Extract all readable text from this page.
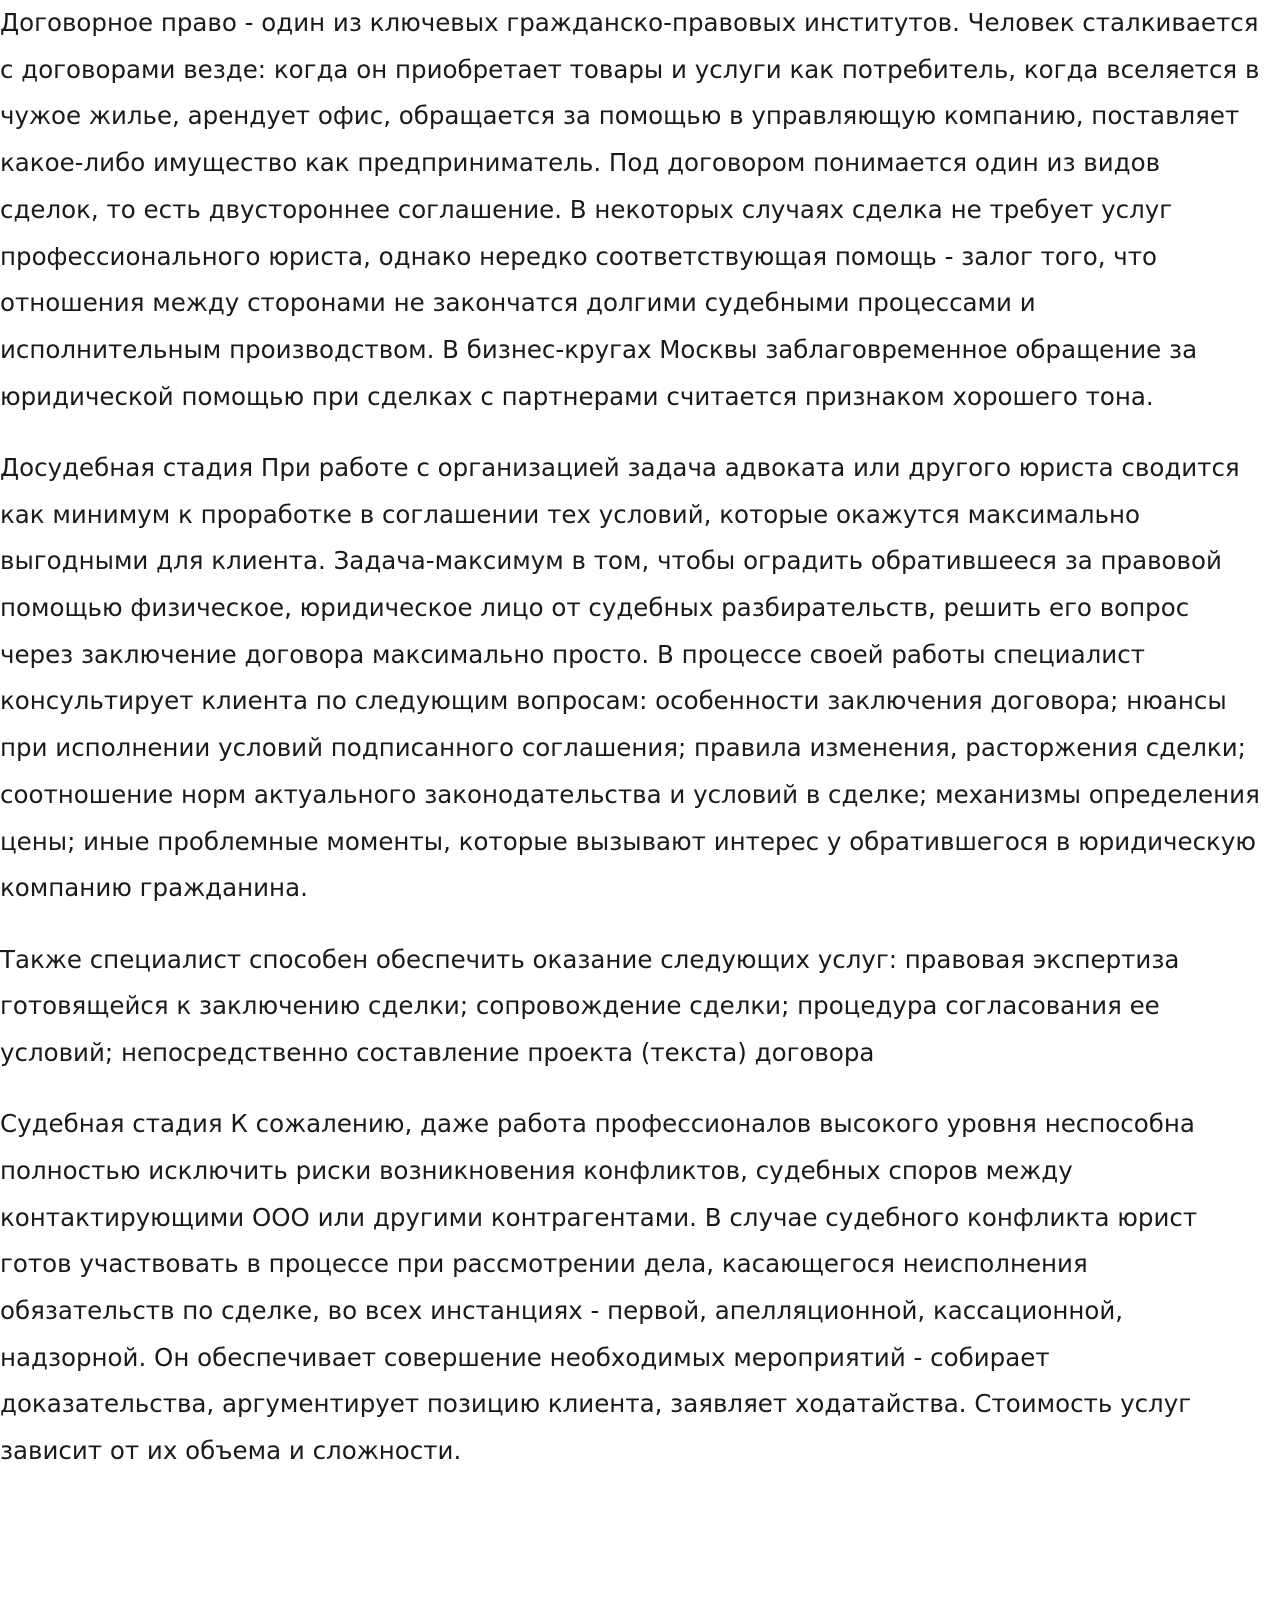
Договорное право - один из ключевых гражданско-правовых институтов. Человек сталкивается с договорами везде: когда он приобретает товары и услуги как потребитель, когда вселяется в чужое жилье, арендует офис, обращается за помощью в управляющую компанию, поставляет какое-либо имущество как предприниматель. Под договором понимается один из видов сделок, то есть двустороннее соглашение. В некоторых случаях сделка не требует услуг профессионального юриста, однако нередко соответствующая помощь - залог того, что отношения между сторонами не закончатся долгими судебными процессами и исполнительным производством. В бизнес-кругах Москвы заблаговременное обращение за юридической помощью при сделках с партнерами считается признаком хорошего тона.

Досудебная стадия При работе с организацией задача адвоката или другого юриста сводится как минимум к проработке в соглашении тех условий, которые окажутся максимально выгодными для клиента. Задача-максимум в том, чтобы оградить обратившееся за правовой помощью физическое, юридическое лицо от судебных разбирательств, решить его вопрос через заключение договора максимально просто. В процессе своей работы специалист консультирует клиента по следующим вопросам: особенности заключения договора; нюансы при исполнении условий подписанного соглашения; правила изменения, расторжения сделки; соотношение норм актуального законодательства и условий в сделке; механизмы определения цены; иные проблемные моменты, которые вызывают интерес у обратившегося в юридическую компанию гражданина.

Также специалист способен обеспечить оказание следующих услуг: правовая экспертиза готовящейся к заключению сделки; сопровождение сделки; процедура согласования ее условий; непосредственно составление проекта (текста) договора

Судебная стадия К сожалению, даже работа профессионалов высокого уровня неспособна полностью исключить риски возникновения конфликтов, судебных споров между контактирующими ООО или другими контрагентами. В случае судебного конфликта юрист готов участвовать в процессе при рассмотрении дела, касающегося неисполнения обязательств по сделке, во всех инстанциях - первой, апелляционной, кассационной, надзорной. Он обеспечивает совершение необходимых мероприятий - собирает доказательства, аргументирует позицию клиента, заявляет ходатайства. Стоимость услуг зависит от их объема и сложности.
